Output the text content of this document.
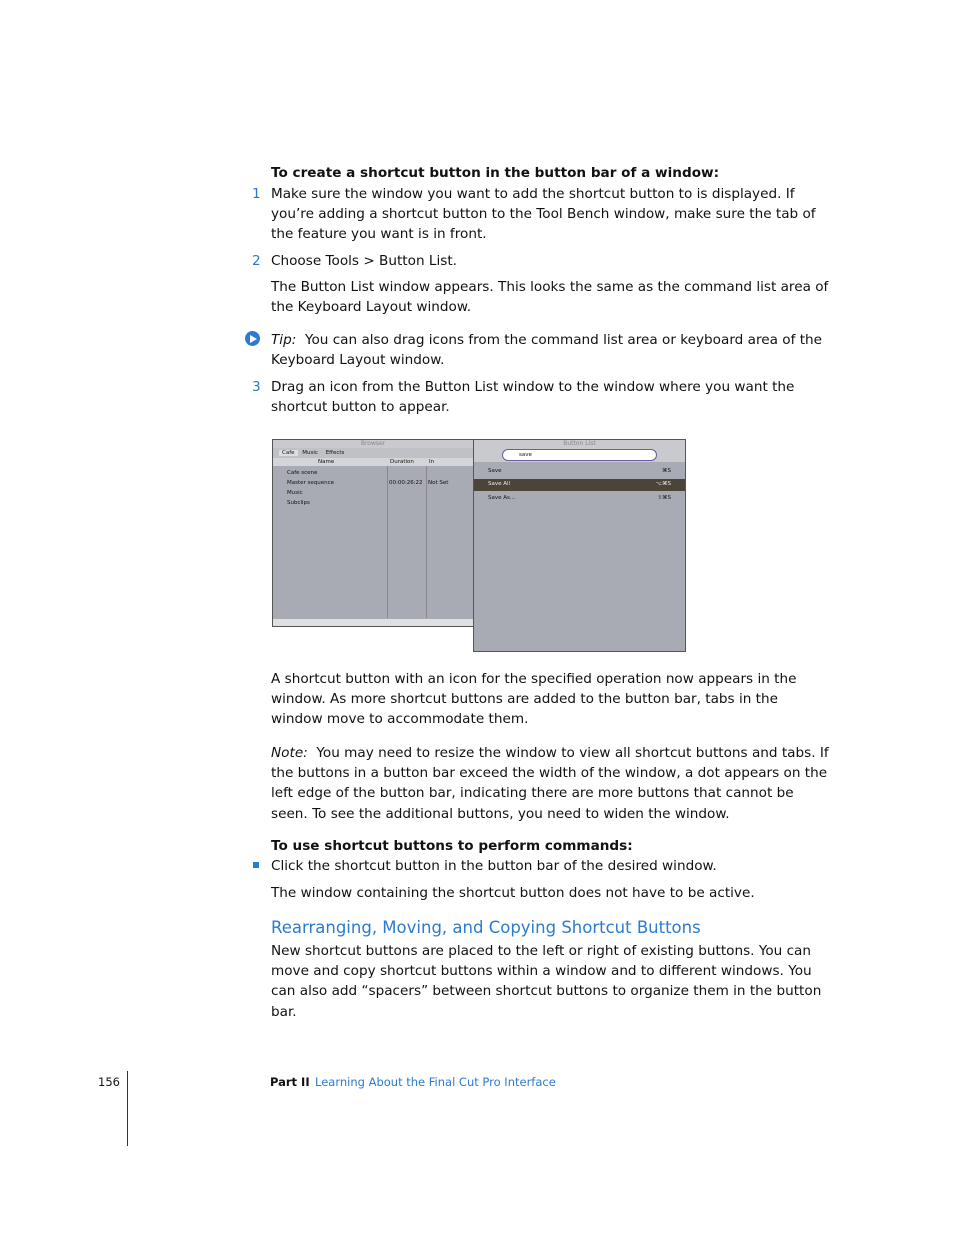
To create a shortcut button in the button bar of a window:
1 Make sure the window you want to add the shortcut button to is displayed. If you’re adding a shortcut button to the Tool Bench window, make sure the tab of the feature you want is in front.
2 Choose Tools > Button List.
The Button List window appears. This looks the same as the command list area of the Keyboard Layout window.
Tip: You can also drag icons from the command list area or keyboard area of the Keyboard Layout window.
3 Drag an icon from the Button List window to the window where you want the shortcut button to appear.
Browser
Cafe Music Effects
Name	Duration	In
Cafe scene
Master sequence	00:00:26:22 Not Set
Music
Subclips
Button List
save
Save	⌘S
Save All	⌥⌘S
Save As...	⇧⌘S
A shortcut button with an icon for the specified operation now appears in the window. As more shortcut buttons are added to the button bar, tabs in the window move to accommodate them.
Note: You may need to resize the window to view all shortcut buttons and tabs. If the buttons in a button bar exceed the width of the window, a dot appears on the left edge of the button bar, indicating there are more buttons that cannot be seen. To see the additional buttons, you need to widen the window.
To use shortcut buttons to perform commands:
Click the shortcut button in the button bar of the desired window.
The window containing the shortcut button does not have to be active.
Rearranging, Moving, and Copying Shortcut Buttons
New shortcut buttons are placed to the left or right of existing buttons. You can move and copy shortcut buttons within a window and to different windows. You can also add “spacers” between shortcut buttons to organize them in the button bar.
156	Part II Learning About the Final Cut Pro Interface
